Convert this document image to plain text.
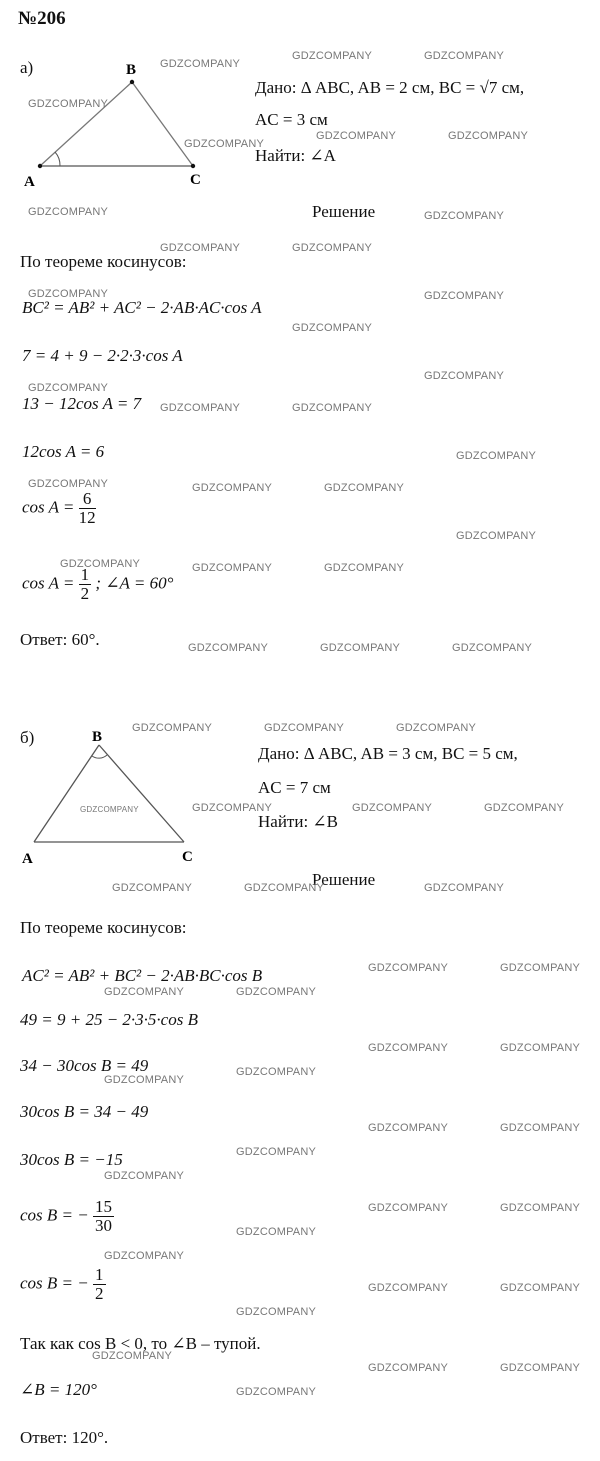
№206
а)
A
B
C
Дано: Δ ABC, AB = 2 см, BC = √7 см,
AC = 3 см
Найти: ∠A
Решение
По теореме косинусов:
BC² = AB² + AC² − 2·AB·AC·cos A
7 = 4 + 9 − 2·2·3·cos A
13 − 12cos A = 7
12cos A = 6
$\cos A = \frac{6}{12}$
$\cos A = \frac{1}{2}$ ; ∠A = 60°
Ответ: 60°.
б)	B
A	C
Дано: Δ ABC, AB = 3 см, BC = 5 см,
AC = 7 см
Найти: ∠B
Решение
По теореме косинусов:
AC² = AB² + BC² − 2·AB·BC·cos B
49 = 9 + 25 − 2·3·5·cos B
34 − 30cos B = 49
30cos B = 34 − 49
30cos B = −15
cos B = − $\frac{15}{30}$
cos B = − $\frac{1}{2}$
Так как cos B < 0, то ∠B – тупой.
∠B = 120°
Ответ: 120°.
GDZCOMPANY
GDZCOMPANY	GDZCOMPANY
GDZCOMPANY
GDZCOMPANY
GDZCOMPANY	GDZCOMPANY
GDZCOMPANY	GDZCOMPANY
GDZCOMPANY	GDZCOMPANY
GDZCOMPANY	GDZCOMPANY
GDZCOMPANY
GDZCOMPANY
GDZCOMPANY
GDZCOMPANY	GDZCOMPANY
GDZCOMPANY
GDZCOMPANY	GDZCOMPANY	GDZCOMPANY
GDZCOMPANY
GDZCOMPANY	GDZCOMPANY	GDZCOMPANY
GDZCOMPANY	GDZCOMPANY	GDZCOMPANY
GDZCOMPANY	GDZCOMPANY	GDZCOMPANY
GDZCOMPANY	GDZCOMPANY	GDZCOMPANY	GDZCOMPANY
GDZCOMPANY	GDZCOMPANY	GDZCOMPANY
GDZCOMPANY	GDZCOMPANY
GDZCOMPANY	GDZCOMPANY
GDZCOMPANY	GDZCOMPANY
GDZCOMPANY
GDZCOMPANY
GDZCOMPANY	GDZCOMPANY
GDZCOMPANY
GDZCOMPANY
GDZCOMPANY	GDZCOMPANY
GDZCOMPANY
GDZCOMPANY
GDZCOMPANY	GDZCOMPANY
GDZCOMPANY
GDZCOMPANY
GDZCOMPANY	GDZCOMPANY
GDZCOMPANY
